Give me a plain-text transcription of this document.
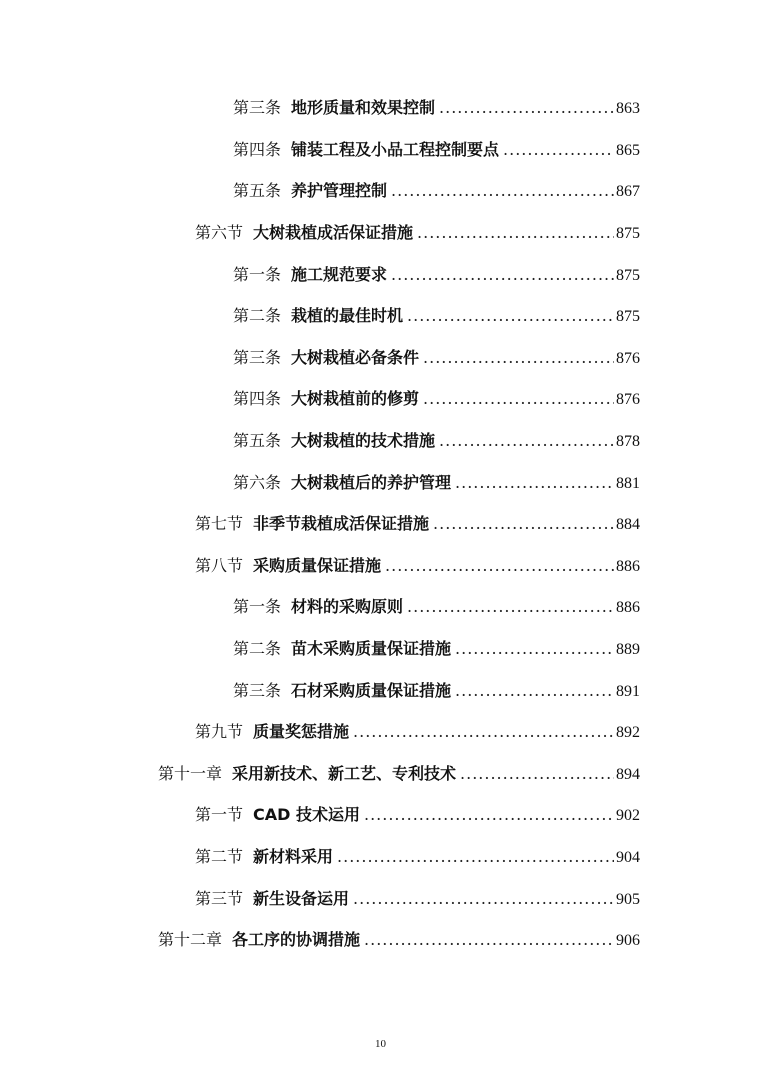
第三条 地形质量和效果控制 .....	863
第四条 铺装工程及小品工程控制要点 .....	865
第五条 养护管理控制 .....	867
第六节 大树栽植成活保证措施 .....	875
第一条 施工规范要求 .....	875
第二条 栽植的最佳时机 .....	875
第三条 大树栽植必备条件 .....	876
第四条 大树栽植前的修剪 .....	876
第五条 大树栽植的技术措施 .....	878
第六条 大树栽植后的养护管理 .....	881
第七节 非季节栽植成活保证措施 .....	884
第八节 采购质量保证措施 .....	886
第一条 材料的采购原则 .....	886
第二条 苗木采购质量保证措施 .....	889
第三条 石材采购质量保证措施 .....	891
第九节 质量奖惩措施 .....	892
第十一章 采用新技术、新工艺、专利技术 .....	894
第一节 CAD 技术运用 .....	902
第二节 新材料采用 .....	904
第三节 新生设备运用 .....	905
第十二章 各工序的协调措施 .....	906
10
